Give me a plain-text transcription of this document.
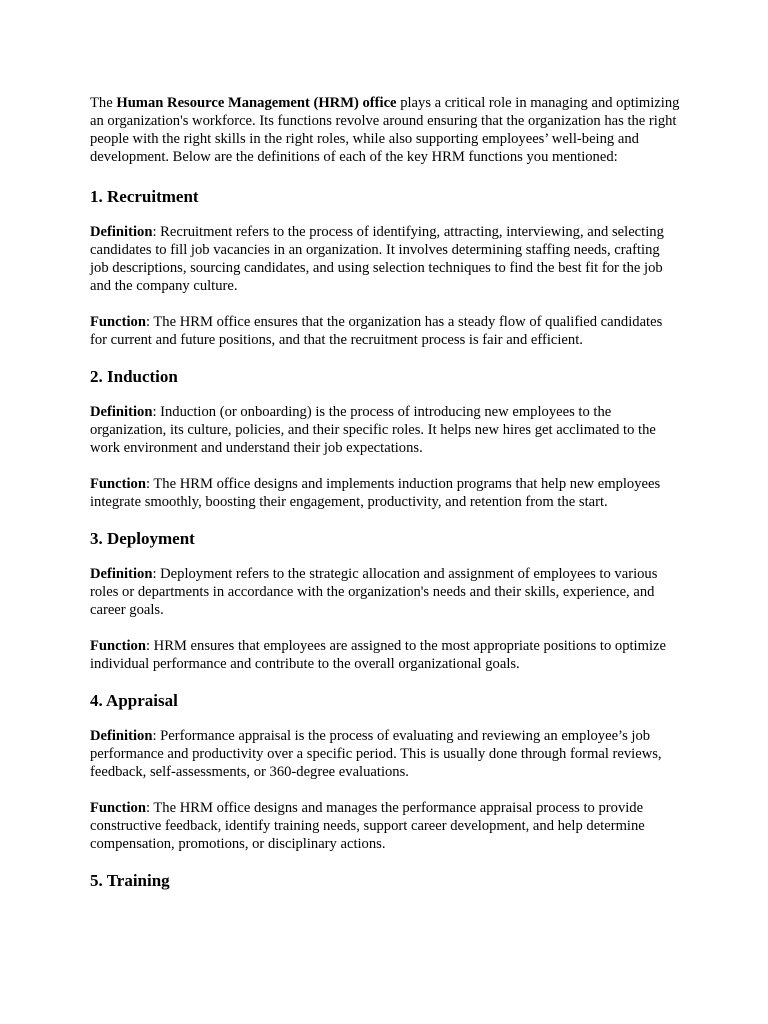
The Human Resource Management (HRM) office plays a critical role in managing and optimizing an organization's workforce. Its functions revolve around ensuring that the organization has the right people with the right skills in the right roles, while also supporting employees’ well-being and development. Below are the definitions of each of the key HRM functions you mentioned:

1. Recruitment

Definition: Recruitment refers to the process of identifying, attracting, interviewing, and selecting candidates to fill job vacancies in an organization. It involves determining staffing needs, crafting job descriptions, sourcing candidates, and using selection techniques to find the best fit for the job and the company culture.

Function: The HRM office ensures that the organization has a steady flow of qualified candidates for current and future positions, and that the recruitment process is fair and efficient.

2. Induction

Definition: Induction (or onboarding) is the process of introducing new employees to the organization, its culture, policies, and their specific roles. It helps new hires get acclimated to the work environment and understand their job expectations.

Function: The HRM office designs and implements induction programs that help new employees integrate smoothly, boosting their engagement, productivity, and retention from the start.

3. Deployment

Definition: Deployment refers to the strategic allocation and assignment of employees to various roles or departments in accordance with the organization's needs and their skills, experience, and career goals.

Function: HRM ensures that employees are assigned to the most appropriate positions to optimize individual performance and contribute to the overall organizational goals.

4. Appraisal

Definition: Performance appraisal is the process of evaluating and reviewing an employee’s job performance and productivity over a specific period. This is usually done through formal reviews, feedback, self-assessments, or 360-degree evaluations.

Function: The HRM office designs and manages the performance appraisal process to provide constructive feedback, identify training needs, support career development, and help determine compensation, promotions, or disciplinary actions.

5. Training
